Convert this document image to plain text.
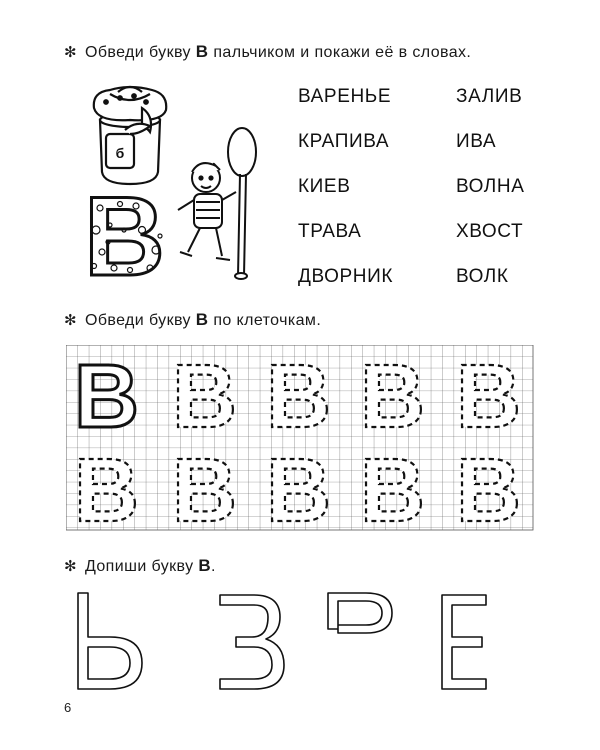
✻ Обведи букву В пальчиком и покажи её в словах.
б
В
ВАРЕНЬЕ
КРАПИВА
КИЕВ
ТРАВА
ДВОРНИК
ЗАЛИВ
ИВА
ВОЛНА
ХВОСТ
ВОЛК
✻ Обведи букву В по клеточкам.
В В В В В
В В В В В
✻ Допиши букву В.
6
